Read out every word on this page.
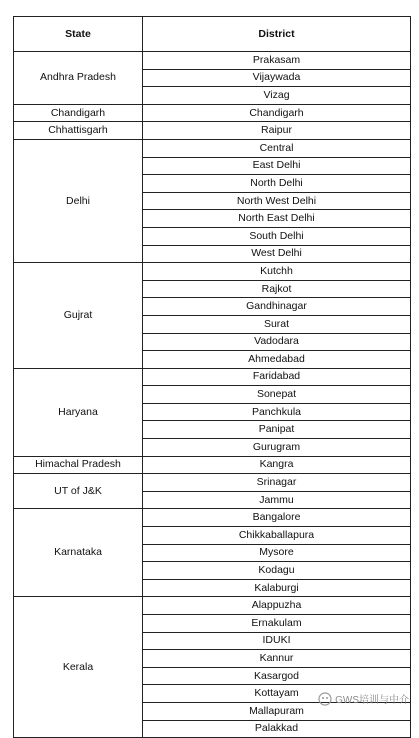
State	District
Andhra Pradesh	Prakasam
	Vijaywada
	Vizag
Chandigarh	Chandigarh
Chhattisgarh	Raipur
Delhi	Central
	East Delhi
	North Delhi
	North West Delhi
	North East Delhi
	South Delhi
	West Delhi
Gujrat	Kutchh
	Rajkot
	Gandhinagar
	Surat
	Vadodara
	Ahmedabad
Haryana	Faridabad
	Sonepat
	Panchkula
	Panipat
	Gurugram
Himachal Pradesh	Kangra
UT of J&K	Srinagar
	Jammu
Karnataka	Bangalore
	Chikkaballapura
	Mysore
	Kodagu
	Kalaburgi
Kerala	Alappuzha
	Ernakulam
	IDUKI
	Kannur
	Kasargod
	Kottayam
	Mallapuram
	Palakkad
GWS培训与中介
